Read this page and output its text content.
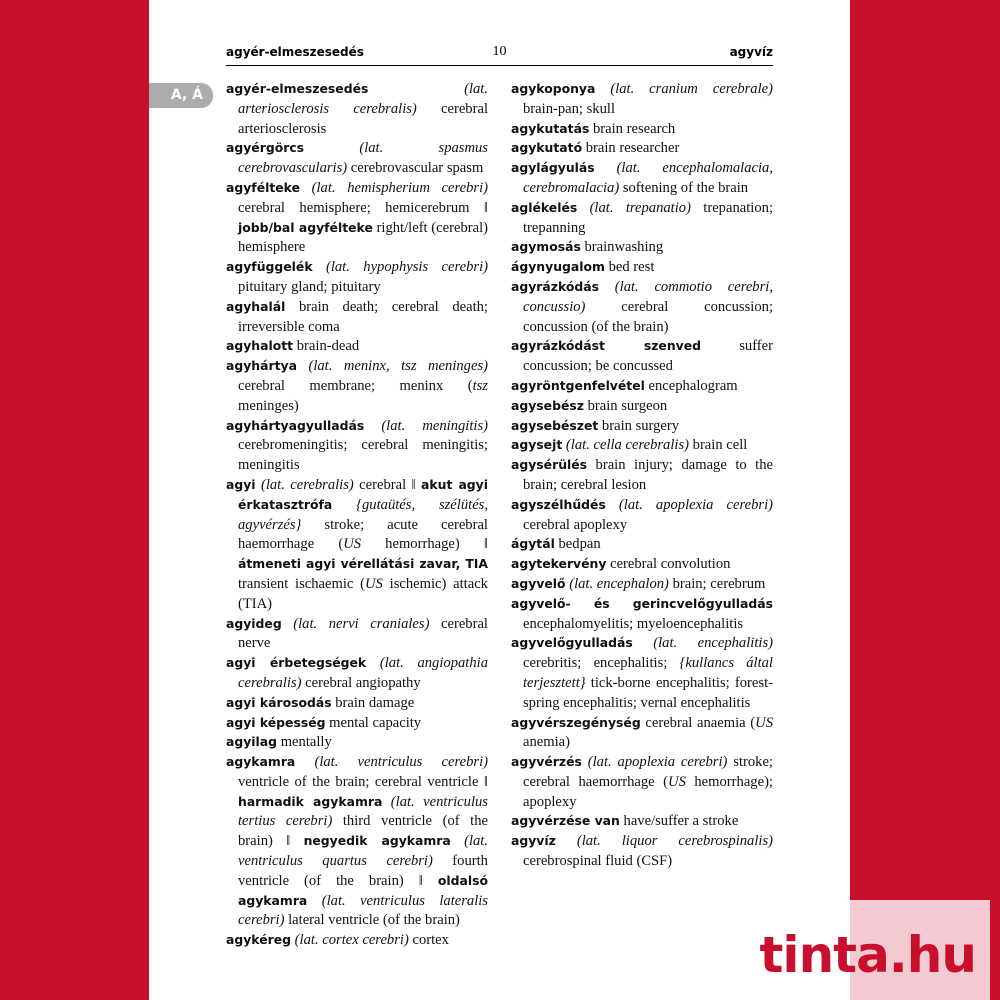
agyér-elmeszesedés	10	agyvíz
A, Á	agyér-elmeszesedés	(lat. arteriosclerosis cerebralis) cerebral arteriosclerosis
agyérgörcs	(lat. spasmus cerebrovascularis) cerebrovascular spasm
agyfélteke (lat. hemispherium cerebri) cerebral hemisphere; hemicerebrum ‖ jobb/bal agyfélteke right/left (cerebral) hemisphere
agyfüggelék (lat. hypophysis cerebri) pituitary gland; pituitary
agyhalál brain death; cerebral death; irreversible coma
agyhalott brain-dead
agyhártya (lat. meninx, tsz meninges) cerebral membrane; meninx (tsz meninges)
agyhártyagyulladás (lat. meningitis) cerebromeningitis; cerebral meningitis; meningitis
agyi (lat. cerebralis) cerebral ‖ akut agyi érkatasztrófa {gutaütés, szélütés, agyvérzés} stroke; acute cerebral haemorrhage (US hemorrhage) ‖ átmeneti agyi vérellátási zavar, TIA transient ischaemic (US ischemic) attack (TIA)
agyideg (lat. nervi craniales) cerebral nerve
agyi érbetegségek (lat. angiopathia cerebralis) cerebral angiopathy
agyi károsodás brain damage
agyi képesség mental capacity
agyilag mentally
agykamra (lat. ventriculus cerebri) ventricle of the brain; cerebral ventricle ‖ harmadik agykamra (lat. ventriculus tertius cerebri) third ventricle (of the brain) ‖ negyedik agykamra (lat. ventriculus quartus cerebri) fourth ventricle (of the brain) ‖ oldalsó agykamra (lat. ventriculus lateralis cerebri) lateral ventricle (of the brain)
agykéreg (lat. cortex cerebri) cortex
agykoponya (lat. cranium cerebrale) brain-pan; skull
agykutatás brain research
agykutató brain researcher
agylágyulás (lat. encephalomalacia, cerebromalacia) softening of the brain
aglékelés (lat. trepanatio) trepanation; trepanning
agymosás brainwashing
ágynyugalom bed rest
agyrázkódás (lat. commotio cerebri, concussio) cerebral concussion; concussion (of the brain)
agyrázkódást szenved suffer concussion; be concussed
agyröntgenfelvétel encephalogram
agysebész brain surgeon
agysebészet brain surgery
agysejt (lat. cella cerebralis) brain cell
agysérülés brain injury; damage to the brain; cerebral lesion
agyszélhűdés (lat. apoplexia cerebri) cerebral apoplexy
ágytál bedpan
agytekervény cerebral convolution
agyvelő (lat. encephalon) brain; cerebrum
agyvelő- és gerincvelőgyulladás encephalomyelitis; myeloencephalitis
agyvelőgyulladás (lat. encephalitis) cerebritis; encephalitis; {kullancs által terjesztett} tick-borne encephalitis; forest-spring encephalitis; vernal encephalitis
agyvérszegénység cerebral anaemia (US anemia)
agyvérzés (lat. apoplexia cerebri) stroke; cerebral haemorrhage (US hemorrhage); apoplexy
agyvérzése van have/suffer a stroke
agyvíz (lat. liquor cerebrospinalis) cerebrospinal fluid (CSF)
tinta.hu
